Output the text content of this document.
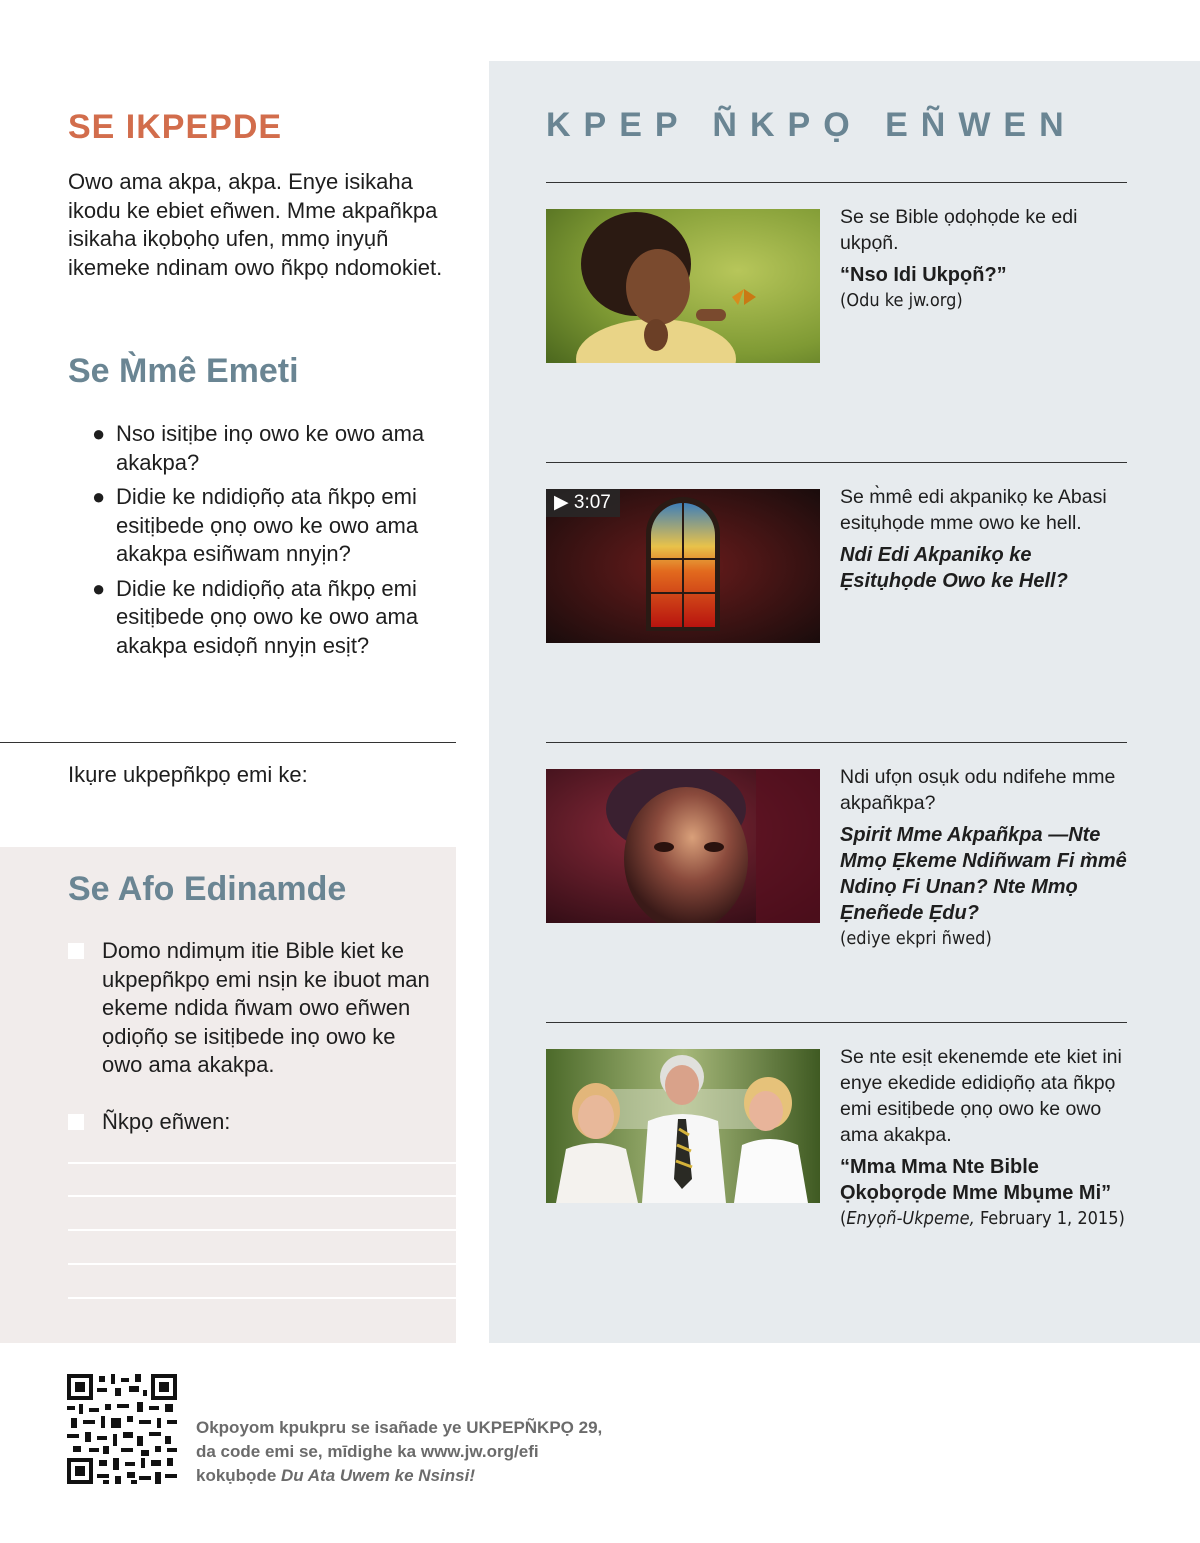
SE IKPEPDE

Owo ama akpa, akpa. Enye isikaha ikodu ke ebiet eñwen. Mme akpañkpa isikaha ikọbọhọ ufen, mmọ inyụñ ikemeke ndinam owo ñkpọ ndomokiet.

Se M̀mê Emeti
● Nso isitịbe inọ owo ke owo ama akakpa?
● Didie ke ndidiọñọ ata ñkpọ emi esitịbede ọnọ owo ke owo ama akakpa esiñwam nnyịn?
● Didie ke ndidiọñọ ata ñkpọ emi esitịbede ọnọ owo ke owo ama akakpa esidọñ nnyịn esịt?
Ikụre ukpepñkpọ emi ke:
Se Afo Edinamde
Domo ndimụm itie Bible kiet ke ukpepñkpọ emi nsịn ke ibuot man ekeme ndida ñwam owo eñwen ọdiọñọ se isitịbede inọ owo ke owo ama akakpa.
Ñkpọ eñwen:
KPEP ÑKPỌ EÑWEN
Se se Bible ọdọhọde ke edi ukpọñ.
“Nso Idi Ukpọñ?”
(Odu ke jw.org)
▶ 3:07	Se m̀mê edi akpanikọ ke Abasi esitụhọde mme owo ke hell.
Ndi Edi Akpanikọ ke Ẹsitụhọde Owo ke Hell?
Ndi ufọn osụk odu ndifehe mme akpañkpa?
Spirit Mme Akpañkpa —Nte Mmọ Ẹkeme Ndiñwam Fi m̀mê Ndinọ Fi Unan? Nte Mmọ Ẹneñede Ẹdu?
(ediye ekpri ñwed)
Se nte esịt ekenemde ete kiet ini enye ekedide edidiọñọ ata ñkpọ emi esitịbede ọnọ owo ke owo ama akakpa.
“Mma Mma Nte Bible Ọkọbọrọde Mme Mbụme Mi”
(Enyọñ-Ukpeme, February 1, 2015)
Okpoyom kpukpru se isañade ye UKPEPÑKPỌ 29,
da code emi se, mīdighe ka www.jw.org/efi
kokụbọde Du Ata Uwem ke Nsinsi!
